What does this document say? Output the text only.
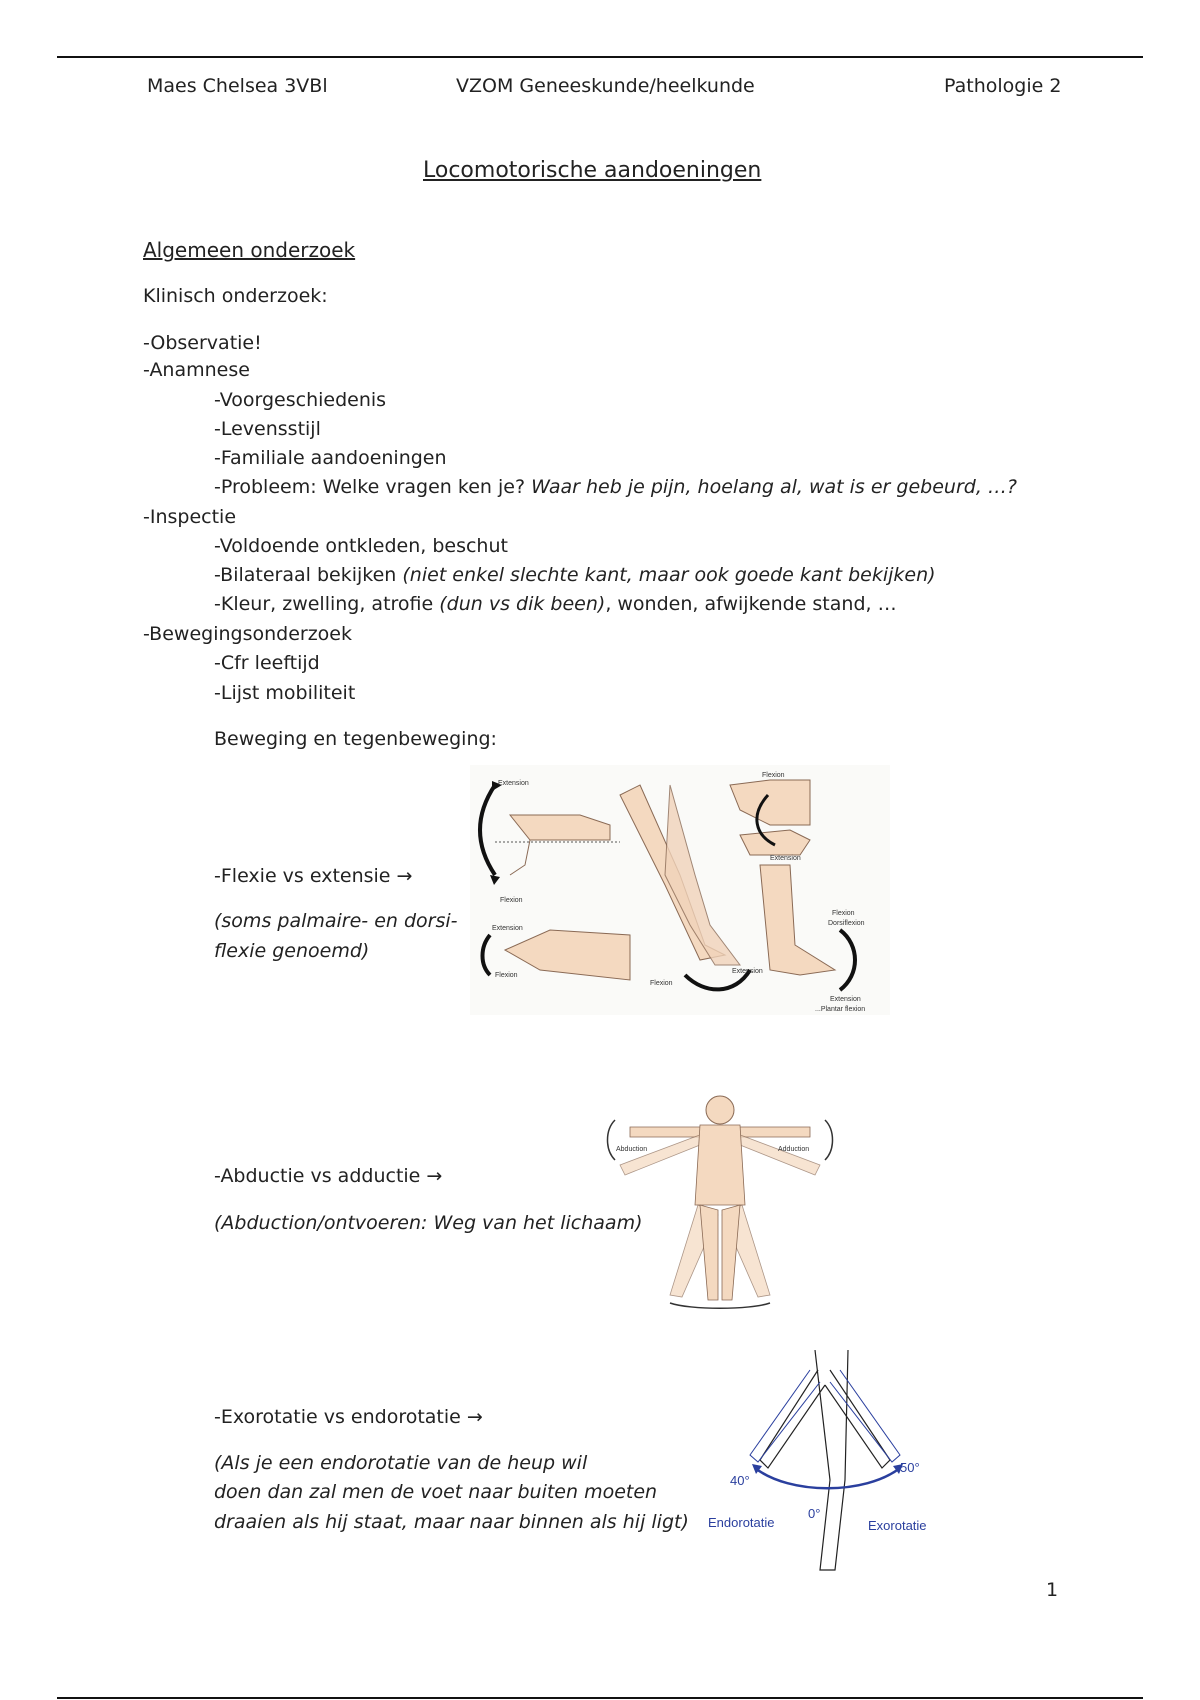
Maes Chelsea 3VBl	VZOM Geneeskunde/heelkunde	Pathologie 2
Locomotorische aandoeningen
Algemeen onderzoek
Klinisch onderzoek:
-Observatie!
-Anamnese
-Voorgeschiedenis
-Levensstijl
-Familiale aandoeningen
-Probleem: Welke vragen ken je? Waar heb je pijn, hoelang al, wat is er gebeurd, …?
-Inspectie
-Voldoende ontkleden, beschut
-Bilateraal bekijken (niet enkel slechte kant, maar ook goede kant bekijken)
-Kleur, zwelling, atrofie (dun vs dik been), wonden, afwijkende stand, …
-Bewegingsonderzoek
-Cfr leeftijd
-Lijst mobiliteit
Beweging en tegenbeweging:
-Flexie vs extensie →
(soms palmaire- en dorsi-
flexie genoemd)
-Abductie vs adductie →
(Abduction/ontvoeren: Weg van het lichaam)
-Exorotatie vs endorotatie →
(Als je een endorotatie van de heup wil
doen dan zal men de voet naar buiten moeten
draaien als hij staat, maar naar binnen als hij ligt)
Extension
Flexion
Extension
Flexion
Flexion
Extension
Flexion
Extension
Flexion
Dorsiflexion
Extension
...Plantar flexion
Abduction	Adduction
40°
50°
0°
Endorotatie	Exorotatie
1
